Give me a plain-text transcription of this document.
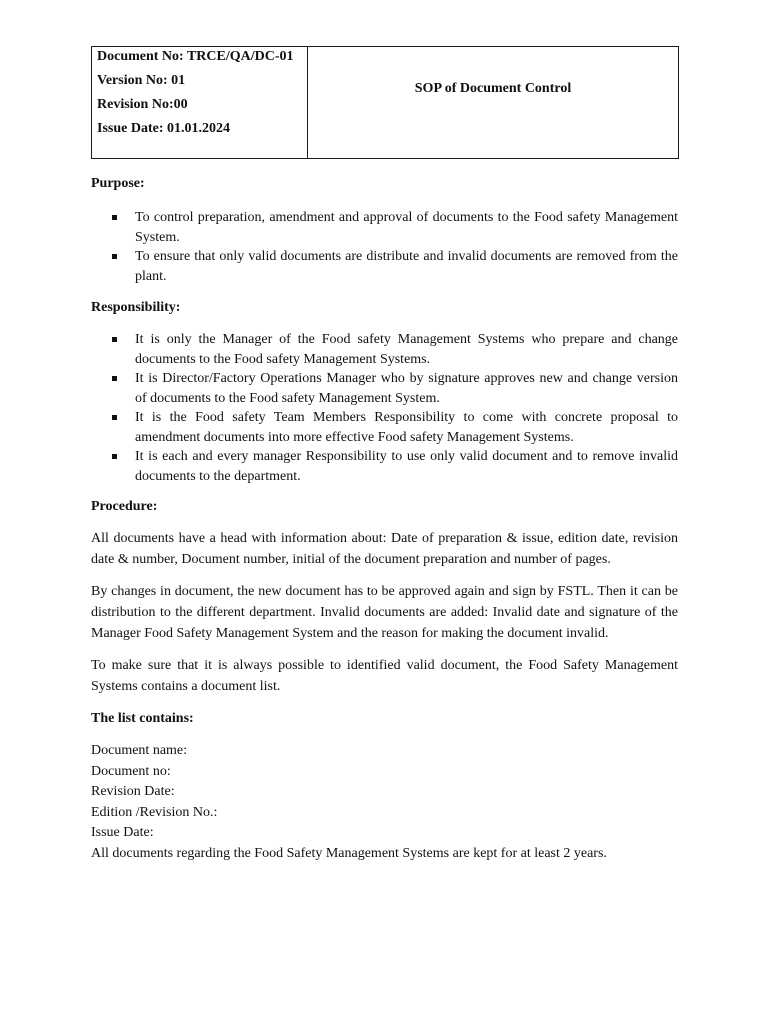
Document No: TRCE/QA/DC-01
Version No: 01
Revision No:00
Issue Date: 01.01.2024
SOP of Document Control
Purpose:
To control preparation, amendment and approval of documents to the Food safety Management System.
To ensure that only valid documents are distribute and invalid documents are removed from the plant.
Responsibility:
It is only the Manager of the Food safety Management Systems who prepare and change documents to the Food safety Management Systems.
It is Director/Factory Operations Manager who by signature approves new and change version of documents to the Food safety Management System.
It is the Food safety Team Members Responsibility to come with concrete proposal to amendment documents into more effective Food safety Management Systems.
It is each and every manager Responsibility to use only valid document and to remove invalid documents to the department.
Procedure:

All documents have a head with information about: Date of preparation & issue, edition date, revision date & number, Document number, initial of the document preparation and number of pages.

By changes in document, the new document has to be approved again and sign by FSTL. Then it can be distribution to the different department. Invalid documents are added: Invalid date and signature of the Manager Food Safety Management System and the reason for making the document invalid.

To make sure that it is always possible to identified valid document, the Food Safety Management Systems contains a document list.

The list contains:
Document name:
Document no:
Revision Date:
Edition /Revision No.:
Issue Date:
All documents regarding the Food Safety Management Systems are kept for at least 2 years.
